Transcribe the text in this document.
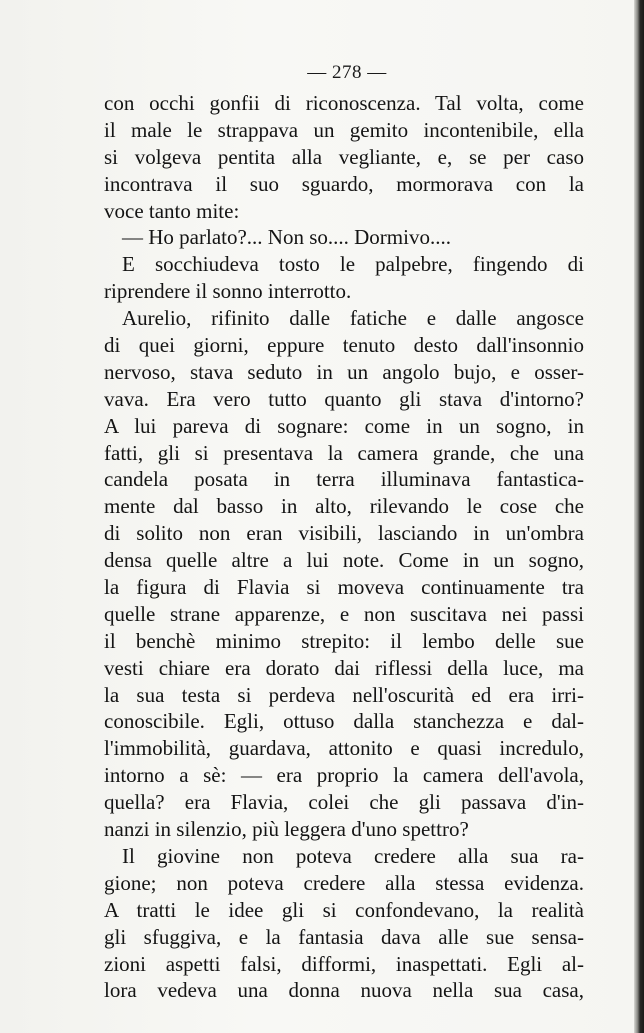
— 278 —
con occhi gonfii di riconoscenza. Tal volta, come
il male le strappava un gemito incontenibile, ella
si volgeva pentita alla vegliante, e, se per caso
incontrava il suo sguardo, mormorava con la
voce tanto mite:
— Ho parlato?... Non so.... Dormivo....
E socchiudeva tosto le palpebre, fingendo di
riprendere il sonno interrotto.
Aurelio, rifinito dalle fatiche e dalle angosce
di quei giorni, eppure tenuto desto dall'insonnio
nervoso, stava seduto in un angolo bujo, e osser-
vava. Era vero tutto quanto gli stava d'intorno?
A lui pareva di sognare: come in un sogno, in
fatti, gli si presentava la camera grande, che una
candela posata in terra illuminava fantastica-
mente dal basso in alto, rilevando le cose che
di solito non eran visibili, lasciando in un'ombra
densa quelle altre a lui note. Come in un sogno,
la figura di Flavia si moveva continuamente tra
quelle strane apparenze, e non suscitava nei passi
il benchè minimo strepito: il lembo delle sue
vesti chiare era dorato dai riflessi della luce, ma
la sua testa si perdeva nell'oscurità ed era irri-
conoscibile. Egli, ottuso dalla stanchezza e dal-
l'immobilità, guardava, attonito e quasi incredulo,
intorno a sè: — era proprio la camera dell'avola,
quella? era Flavia, colei che gli passava d'in-
nanzi in silenzio, più leggera d'uno spettro?
Il giovine non poteva credere alla sua ra-
gione; non poteva credere alla stessa evidenza.
A tratti le idee gli si confondevano, la realità
gli sfuggiva, e la fantasia dava alle sue sensa-
zioni aspetti falsi, difformi, inaspettati. Egli al-
lora vedeva una donna nuova nella sua casa,
